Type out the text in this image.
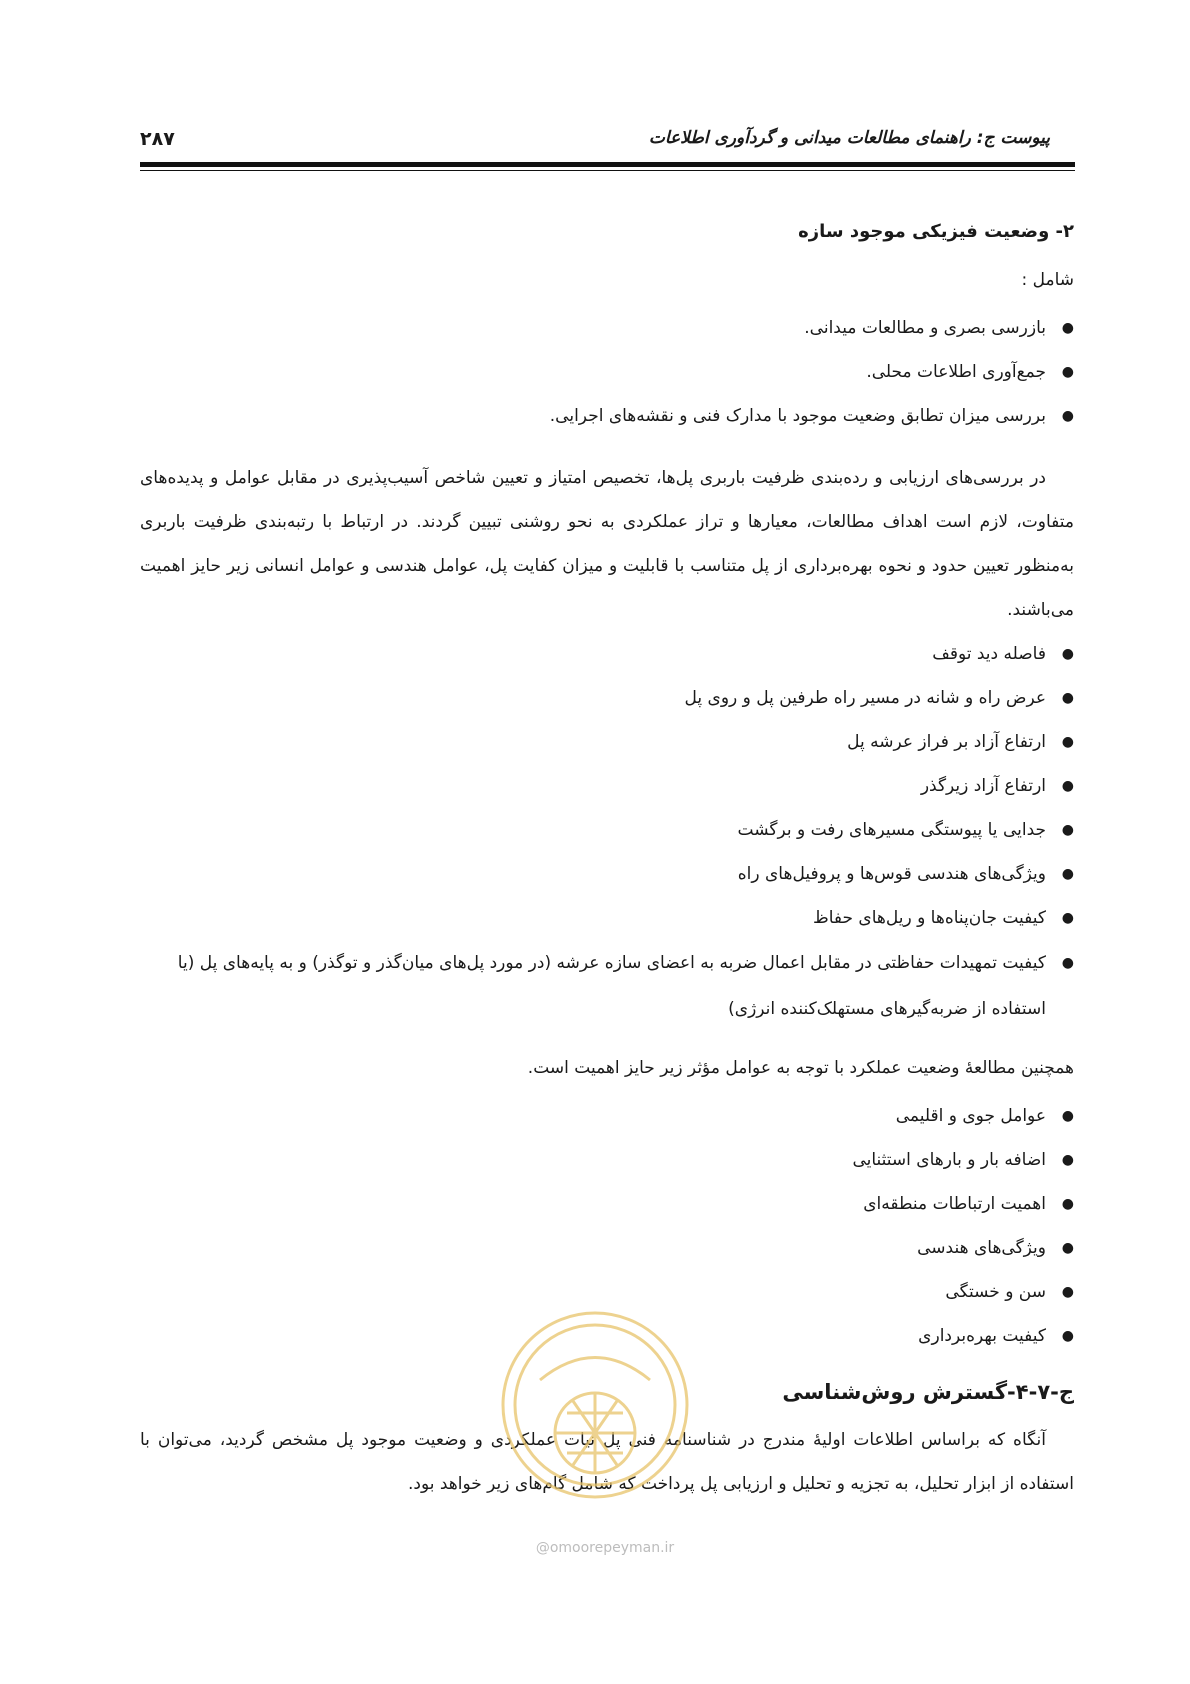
پیوست ج: راهنمای مطالعات میدانی و گردآوری اطلاعات
۲۸۷
۲- وضعیت فیزیکی موجود سازه
شامل :
●
بازرسی بصری و مطالعات میدانی.
●
جمع‌آوری اطلاعات محلی.
●
بررسی میزان تطابق وضعیت موجود با مدارک فنی و نقشه‌های اجرایی.

در بررسی‌های ارزیابی و رده‌بندی ظرفیت باربری پل‌ها، تخصیص امتیاز و تعیین شاخص آسیب‌پذیری در مقابل عوامل و پدیده‌های متفاوت، لازم است اهداف مطالعات، معیارها و تراز عملکردی به نحو روشنی تبیین گردند. در ارتباط با رتبه‌بندی ظرفیت باربری به‌منظور تعیین حدود و نحوه بهره‌برداری از پل متناسب با قابلیت و میزان کفایت پل، عوامل هندسی و عوامل انسانی زیر حایز اهمیت می‌باشند.

●
فاصله دید توقف
●
عرض راه و شانه در مسیر راه طرفین پل و روی پل
●
ارتفاع آزاد بر فراز عرشه پل
●
ارتفاع آزاد زیرگذر
●
جدایی یا پیوستگی مسیرهای رفت و برگشت
●
ویژگی‌های هندسی قوس‌ها و پروفیل‌های راه
●
کیفیت جان‌پناه‌ها و ریل‌های حفاظ
●
کیفیت تمهیدات حفاظتی در مقابل اعمال ضربه به اعضای سازه عرشه (در مورد پل‌های میان‌گذر و توگذر) و به پایه‌های پل (یا استفاده از ضربه‌گیرهای مستهلک‌کننده انرژی)

همچنین مطالعهٔ وضعیت عملکرد با توجه به عوامل مؤثر زیر حایز اهمیت است.

●
عوامل جوی و اقلیمی
●
اضافه بار و بارهای استثنایی
●
اهمیت ارتباطات منطقه‌ای
●
ویژگی‌های هندسی
●
سن و خستگی
●
کیفیت بهره‌برداری
ج-۷-۴-گسترش روش‌شناسی

آنگاه که براساس اطلاعات اولیهٔ مندرج در شناسنامه فنی پل نیات عملکردی و وضعیت موجود پل مشخص گردید، می‌توان با استفاده از ابزار تحلیل، به تجزیه و تحلیل و ارزیابی پل پرداخت که شامل گام‌های زیر خواهد بود.

@omoorepeyman.ir
